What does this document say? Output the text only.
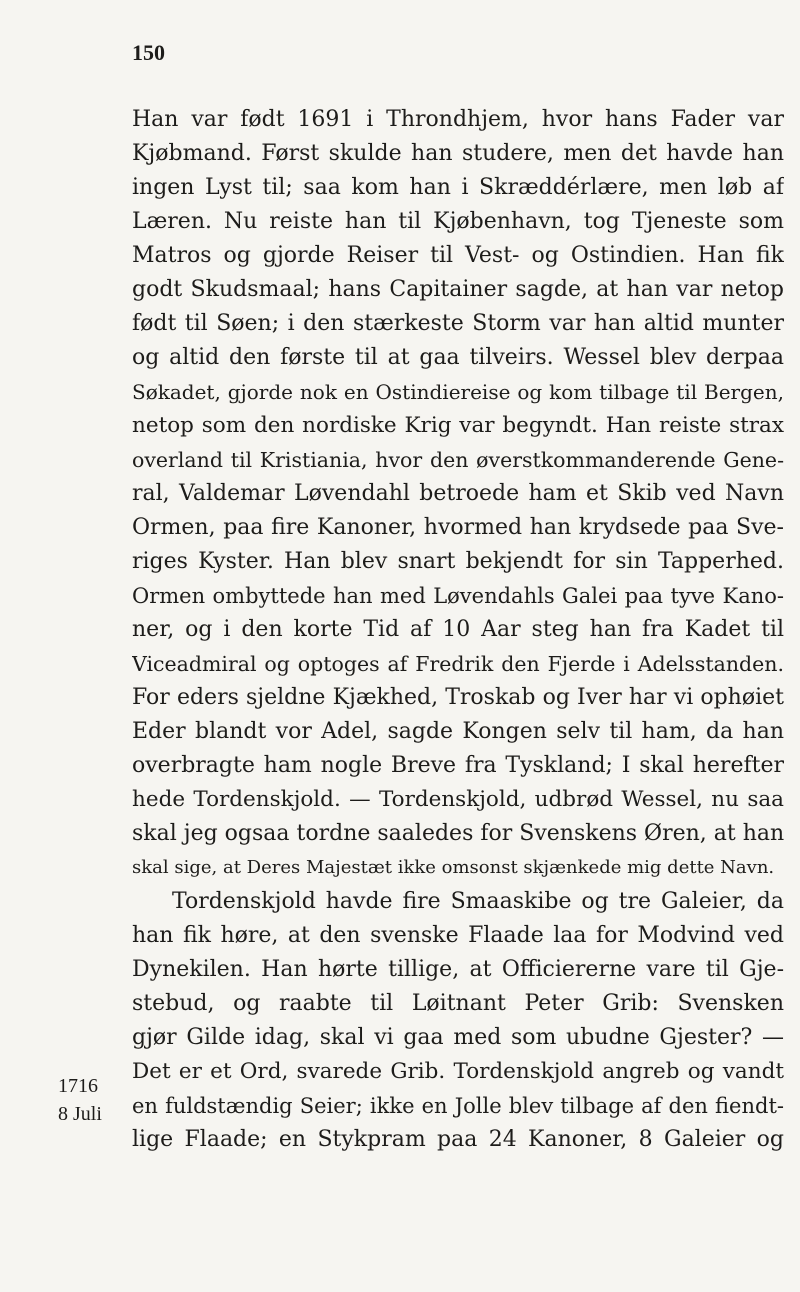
150
Han var født 1691 i Throndhjem, hvor hans Fader var
Kjøbmand. Først skulde han studere, men det havde han
ingen Lyst til; saa kom han i Skræddérlære, men løb af
Læren. Nu reiste han til Kjøbenhavn, tog Tjeneste som
Matros og gjorde Reiser til Vest- og Ostindien. Han fik
godt Skudsmaal; hans Capitainer sagde, at han var netop
født til Søen; i den stærkeste Storm var han altid munter
og altid den første til at gaa tilveirs. Wessel blev derpaa
Søkadet, gjorde nok en Ostindiereise og kom tilbage til Bergen,
netop som den nordiske Krig var begyndt. Han reiste strax
overland til Kristiania, hvor den øverstkommanderende Gene-
ral, Valdemar Løvendahl betroede ham et Skib ved Navn
Ormen, paa fire Kanoner, hvormed han krydsede paa Sve-
riges Kyster. Han blev snart bekjendt for sin Tapperhed.
Ormen ombyttede han med Løvendahls Galei paa tyve Kano-
ner, og i den korte Tid af 10 Aar steg han fra Kadet til
Viceadmiral og optoges af Fredrik den Fjerde i Adelsstanden.
For eders sjeldne Kjækhed, Troskab og Iver har vi ophøiet
Eder blandt vor Adel, sagde Kongen selv til ham, da han
overbragte ham nogle Breve fra Tyskland; I skal herefter
hede Tordenskjold. — Tordenskjold, udbrød Wessel, nu saa
skal jeg ogsaa tordne saaledes for Svenskens Øren, at han
skal sige, at Deres Majestæt ikke omsonst skjænkede mig dette Navn.
Tordenskjold havde fire Smaaskibe og tre Galeier, da
han fik høre, at den svenske Flaade laa for Modvind ved
Dynekilen. Han hørte tillige, at Officiererne vare til Gje-
stebud, og raabte til Løitnant Peter Grib: Svensken
gjør Gilde idag, skal vi gaa med som ubudne Gjester? —
Det er et Ord, svarede Grib. Tordenskjold angreb og vandt
en fuldstændig Seier; ikke en Jolle blev tilbage af den fiendt-
lige Flaade; en Stykpram paa 24 Kanoner, 8 Galeier og
1716
8 Juli
